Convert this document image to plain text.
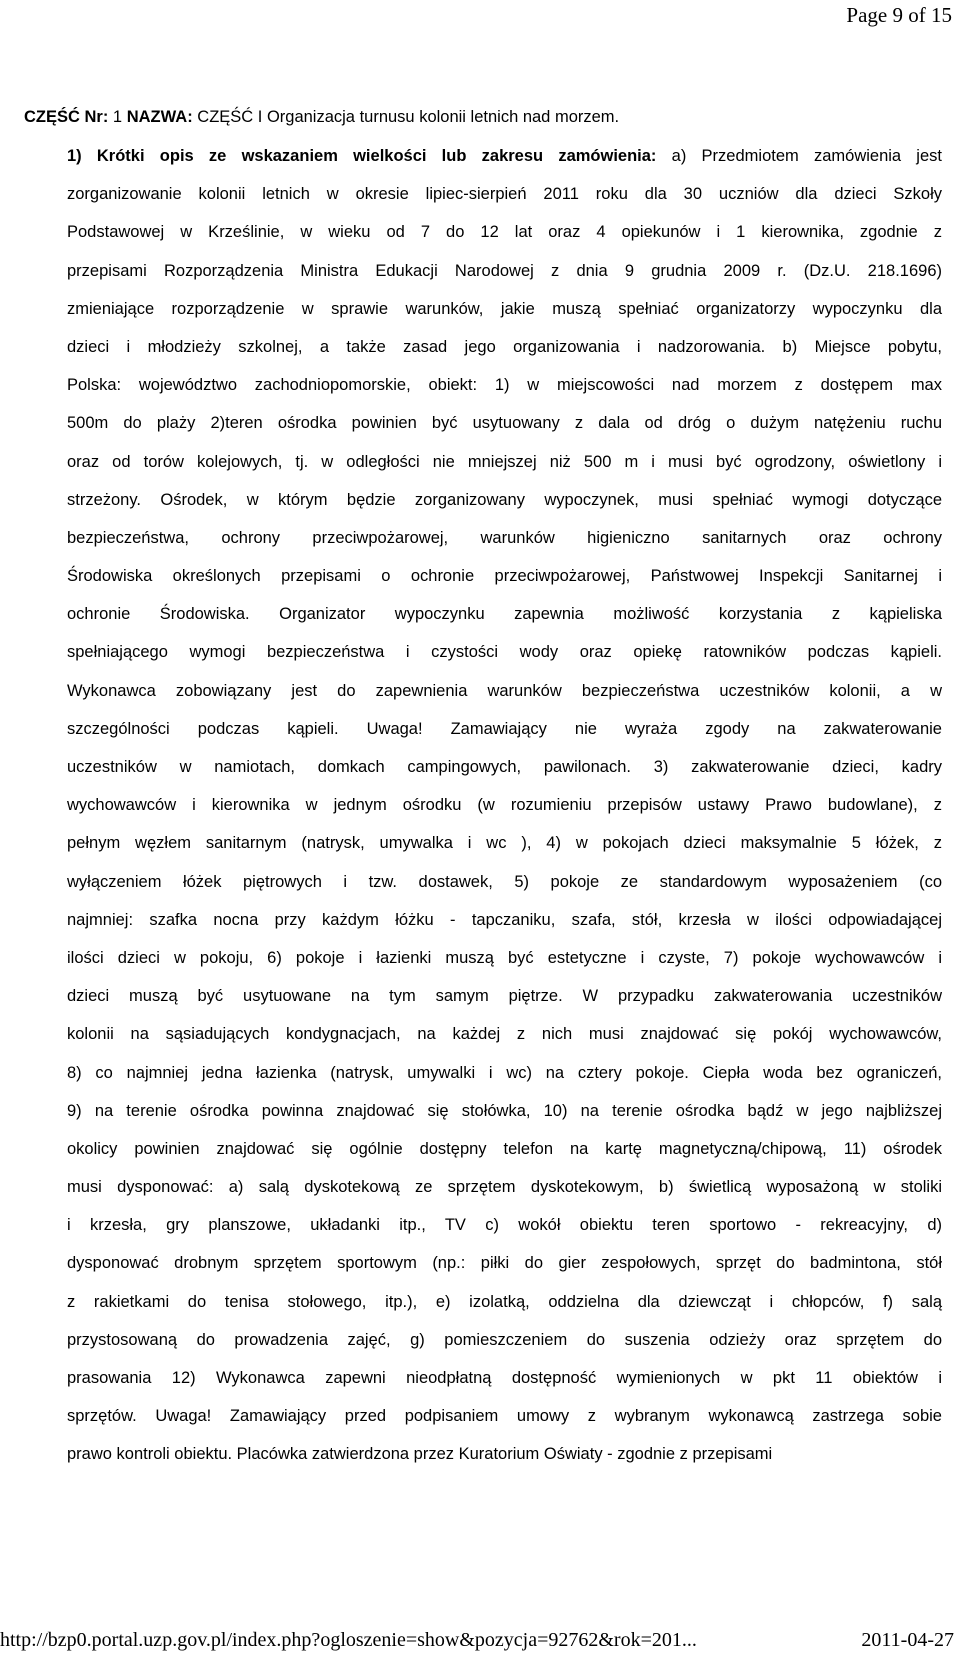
Page 9 of 15
CZĘŚĆ Nr: 1 NAZWA: CZĘŚĆ I Organizacja turnusu kolonii letnich nad morzem.
1) Krótki opis ze wskazaniem wielkości lub zakresu zamówienia: a) Przedmiotem zamówienia jest
zorganizowanie kolonii letnich w okresie lipiec-sierpień 2011 roku dla 30 uczniów dla dzieci Szkoły
Podstawowej w Krześlinie, w wieku od 7 do 12 lat oraz 4 opiekunów i 1 kierownika, zgodnie z
przepisami Rozporządzenia Ministra Edukacji Narodowej z dnia 9 grudnia 2009 r. (Dz.U. 218.1696)
zmieniające rozporządzenie w sprawie warunków, jakie muszą spełniać organizatorzy wypoczynku dla
dzieci i młodzieży szkolnej, a także zasad jego organizowania i nadzorowania. b) Miejsce pobytu,
Polska: województwo zachodniopomorskie, obiekt: 1) w miejscowości nad morzem z dostępem max
500m do plaży 2)teren ośrodka powinien być usytuowany z dala od dróg o dużym natężeniu ruchu
oraz od torów kolejowych, tj. w odległości nie mniejszej niż 500 m i musi być ogrodzony, oświetlony i
strzeżony. Ośrodek, w którym będzie zorganizowany wypoczynek, musi spełniać wymogi dotyczące
bezpieczeństwa, ochrony przeciwpożarowej, warunków higieniczno sanitarnych oraz ochrony
Środowiska określonych przepisami o ochronie przeciwpożarowej, Państwowej Inspekcji Sanitarnej i
ochronie Środowiska. Organizator wypoczynku zapewnia możliwość korzystania z kąpieliska
spełniającego wymogi bezpieczeństwa i czystości wody oraz opiekę ratowników podczas kąpieli.
Wykonawca zobowiązany jest do zapewnienia warunków bezpieczeństwa uczestników kolonii, a w
szczególności podczas kąpieli. Uwaga! Zamawiający nie wyraża zgody na zakwaterowanie
uczestników w namiotach, domkach campingowych, pawilonach. 3) zakwaterowanie dzieci, kadry
wychowawców i kierownika w jednym ośrodku (w rozumieniu przepisów ustawy Prawo budowlane), z
pełnym węzłem sanitarnym (natrysk, umywalka i wc ), 4) w pokojach dzieci maksymalnie 5 łóżek, z
wyłączeniem łóżek piętrowych i tzw. dostawek, 5) pokoje ze standardowym wyposażeniem (co
najmniej: szafka nocna przy każdym łóżku - tapczaniku, szafa, stół, krzesła w ilości odpowiadającej
ilości dzieci w pokoju, 6) pokoje i łazienki muszą być estetyczne i czyste, 7) pokoje wychowawców i
dzieci muszą być usytuowane na tym samym piętrze. W przypadku zakwaterowania uczestników
kolonii na sąsiadujących kondygnacjach, na każdej z nich musi znajdować się pokój wychowawców,
8) co najmniej jedna łazienka (natrysk, umywalki i wc) na cztery pokoje. Ciepła woda bez ograniczeń,
9) na terenie ośrodka powinna znajdować się stołówka, 10) na terenie ośrodka bądź w jego najbliższej
okolicy powinien znajdować się ogólnie dostępny telefon na kartę magnetyczną/chipową, 11) ośrodek
musi dysponować: a) salą dyskotekową ze sprzętem dyskotekowym, b) świetlicą wyposażoną w stoliki
i krzesła, gry planszowe, układanki itp., TV c) wokół obiektu teren sportowo - rekreacyjny, d)
dysponować drobnym sprzętem sportowym (np.: piłki do gier zespołowych, sprzęt do badmintona, stół
z rakietkami do tenisa stołowego, itp.), e) izolatką, oddzielna dla dziewcząt i chłopców, f) salą
przystosowaną do prowadzenia zajęć, g) pomieszczeniem do suszenia odzieży oraz sprzętem do
prasowania 12) Wykonawca zapewni nieodpłatną dostępność wymienionych w pkt 11 obiektów i
sprzętów. Uwaga! Zamawiający przed podpisaniem umowy z wybranym wykonawcą zastrzega sobie
prawo kontroli obiektu. Placówka zatwierdzona przez Kuratorium Oświaty - zgodnie z przepisami
http://bzp0.portal.uzp.gov.pl/index.php?ogloszenie=show&pozycja=92762&rok=201...	2011-04-27
